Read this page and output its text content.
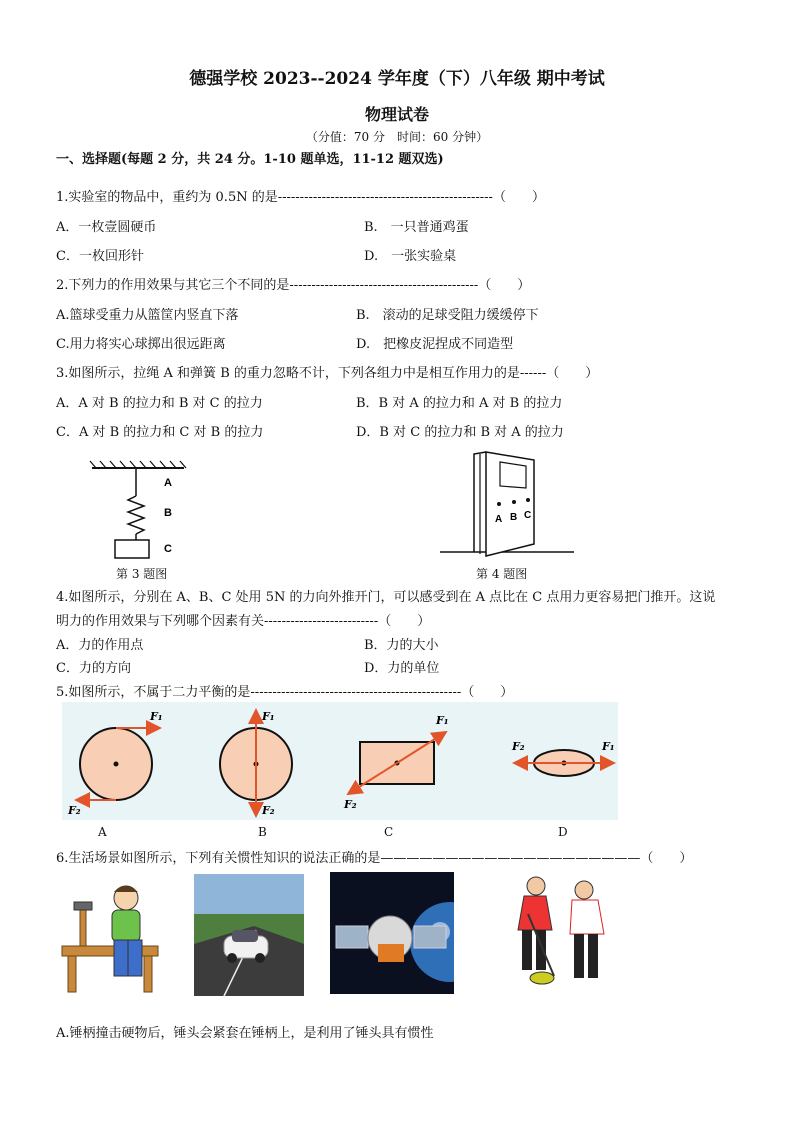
德强学校 2023--2024 学年度（下）八年级 期中考试
物理试卷
（分值：70 分　时间：60 分钟）
一、选择题(每题 2 分，共 24 分。1-10 题单选，11-12 题双选)
1.实验室的物品中，重约为 0.5N 的是-------------------------------------------------（　　）
A．一枚壹圆硬币	B.　一只普通鸡蛋
C．一枚回形针	D.　一张实验桌
2.下列力的作用效果与其它三个不同的是-------------------------------------------（　　）
A.篮球受重力从篮筐内竖直下落	B.　滚动的足球受阻力缓缓停下
C.用力将实心球掷出很远距离	D.　把橡皮泥捏成不同造型
3.如图所示，拉绳 A 和弹簧 B 的重力忽略不计，下列各组力中是相互作用力的是------（　　）
A．A 对 B 的拉力和 B 对 C 的拉力	B．B 对 A 的拉力和 A 对 B 的拉力
C．A 对 B 的拉力和 C 对 B 的拉力	D．B 对 C 的拉力和 B 对 A 的拉力
A
B
C
第 3 题图
A B C
第 4 题图
4.如图所示，分别在 A、B、C 处用 5N 的力向外推开门，可以感受到在 A 点比在 C 点用力更容易把门推开。这说
明力的作用效果与下列哪个因素有关--------------------------（　　）
A．力的作用点	B．力的大小
C．力的方向	D．力的单位
5.如图所示，不属于二力平衡的是------------------------------------------------（　　）
F₁
F₂
F₁
F₂
F₁
F₂
F₁
F₂
A	B	C	D
6.生活场景如图所示，下列有关惯性知识的说法正确的是————————————————————（　　）
A.锤柄撞击硬物后，锤头会紧套在锤柄上，是利用了锤头具有惯性
